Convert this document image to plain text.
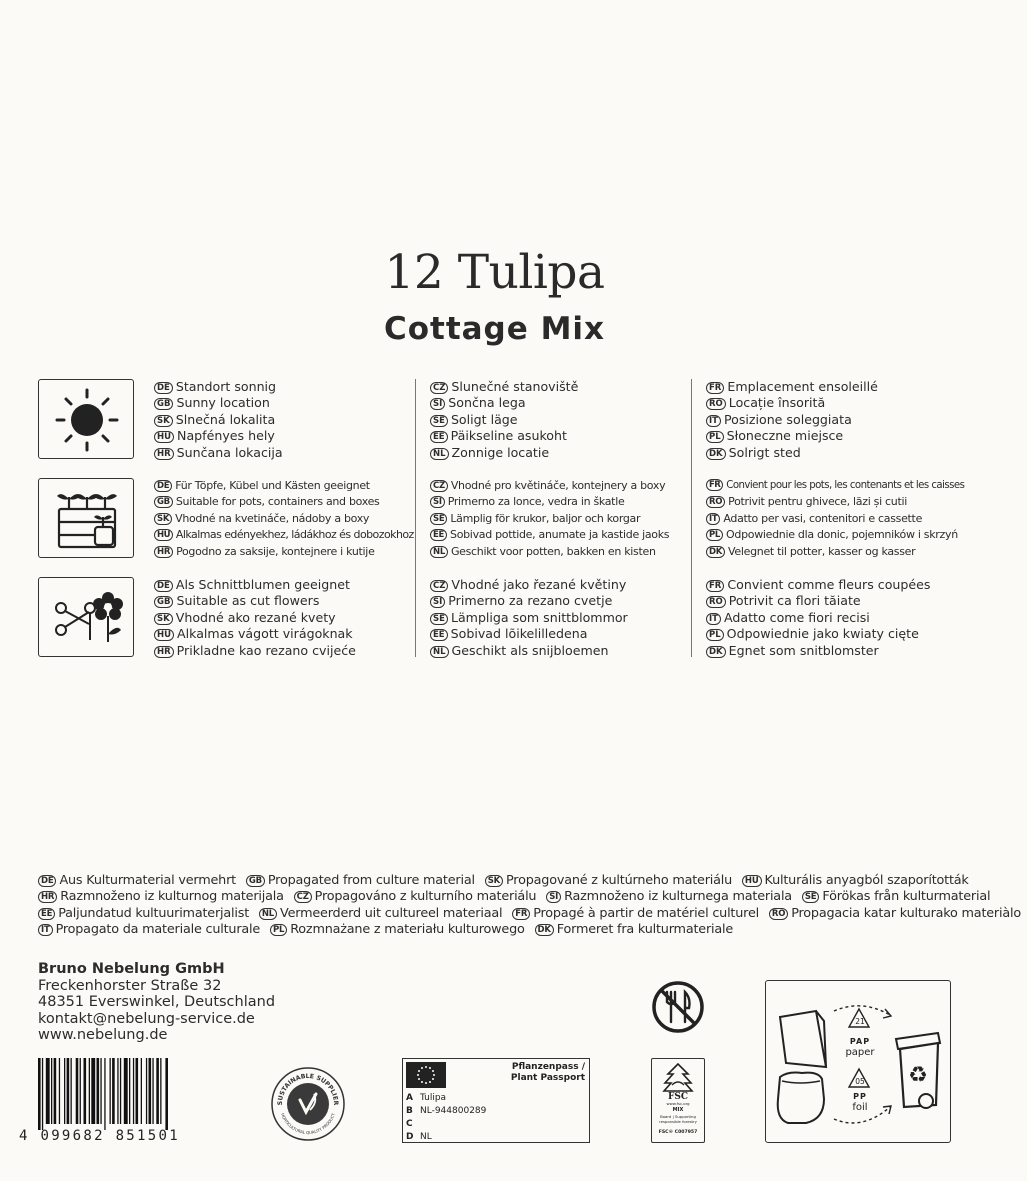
12 Tulipa
Cottage Mix
DE Standort sonnig
GB Sunny location
SK Slnečná lokalita
HU Napfényes hely
HR Sunčana lokacija
CZ Slunečné stanoviště
SI Sončna lega
SE Soligt läge
EE Päikseline asukoht
NL Zonnige locatie
FR Emplacement ensoleillé
RO Locație însorită
IT Posizione soleggiata
PL Słoneczne miejsce
DK Solrigt sted
DE Für Töpfe, Kübel und Kästen geeignet
GB Suitable for pots, containers and boxes
SK Vhodné na kvetináče, nádoby a boxy
HU Alkalmas edényekhez, ládákhoz és dobozokhoz
HR Pogodno za saksije, kontejnere i kutije
CZ Vhodné pro květináče, kontejnery a boxy
SI Primerno za lonce, vedra in škatle
SE Lämplig för krukor, baljor och korgar
EE Sobivad pottide, anumate ja kastide jaoks
NL Geschikt voor potten, bakken en kisten
FR Convient pour les pots, les contenants et les caisses
RO Potrivit pentru ghivece, lăzi și cutii
IT Adatto per vasi, contenitori e cassette
PL Odpowiednie dla donic, pojemników i skrzyń
DK Velegnet til potter, kasser og kasser
DE Als Schnittblumen geeignet
GB Suitable as cut flowers
SK Vhodné ako rezané kvety
HU Alkalmas vágott virágoknak
HR Prikladne kao rezano cvijeće
CZ Vhodné jako řezané květiny
SI Primerno za rezano cvetje
SE Lämpliga som snittblommor
EE Sobivad lõikelilledena
NL Geschikt als snijbloemen
FR Convient comme fleurs coupées
RO Potrivit ca flori tăiate
IT Adatto come fiori recisi
PL Odpowiednie jako kwiaty cięte
DK Egnet som snitblomster
DE Aus Kulturmaterial vermehrt GB Propagated from culture material SK Propagované z kultúrneho materiálu HU Kulturális anyagból szaporították
HR Razmnoženo iz kulturnog materijala CZ Propagováno z kulturního materiálu SI Razmnoženo iz kulturnega materiala SE Förökas från kulturmaterial
EE Paljundatud kultuurimaterjalist NL Vermeerderd uit cultureel materiaal FR Propagé à partir de matériel culturel RO Propagacia katar kulturako materiàlo
IT Propagato da materiale culturale PL Rozmnażane z materiału kulturowego DK Formeret fra kulturmateriale
Bruno Nebelung GmbH
Freckenhorster Straße 32
48351 Everswinkel, Deutschland
kontakt@nebelung-service.de
www.nebelung.de
4 099682 851501
SUSTAINABLE SUPPLIER
HORTICULTURAL QUALITY PRODUCT
Pflanzenpass /
Plant Passport
A Tulipa
B NL-944800289
C
D NL
FSC
www.fsc.org
MIX
Board | Supporting
responsible forestry
FSC® C007957
♻
21
PAP
paper
05
PP
foil
